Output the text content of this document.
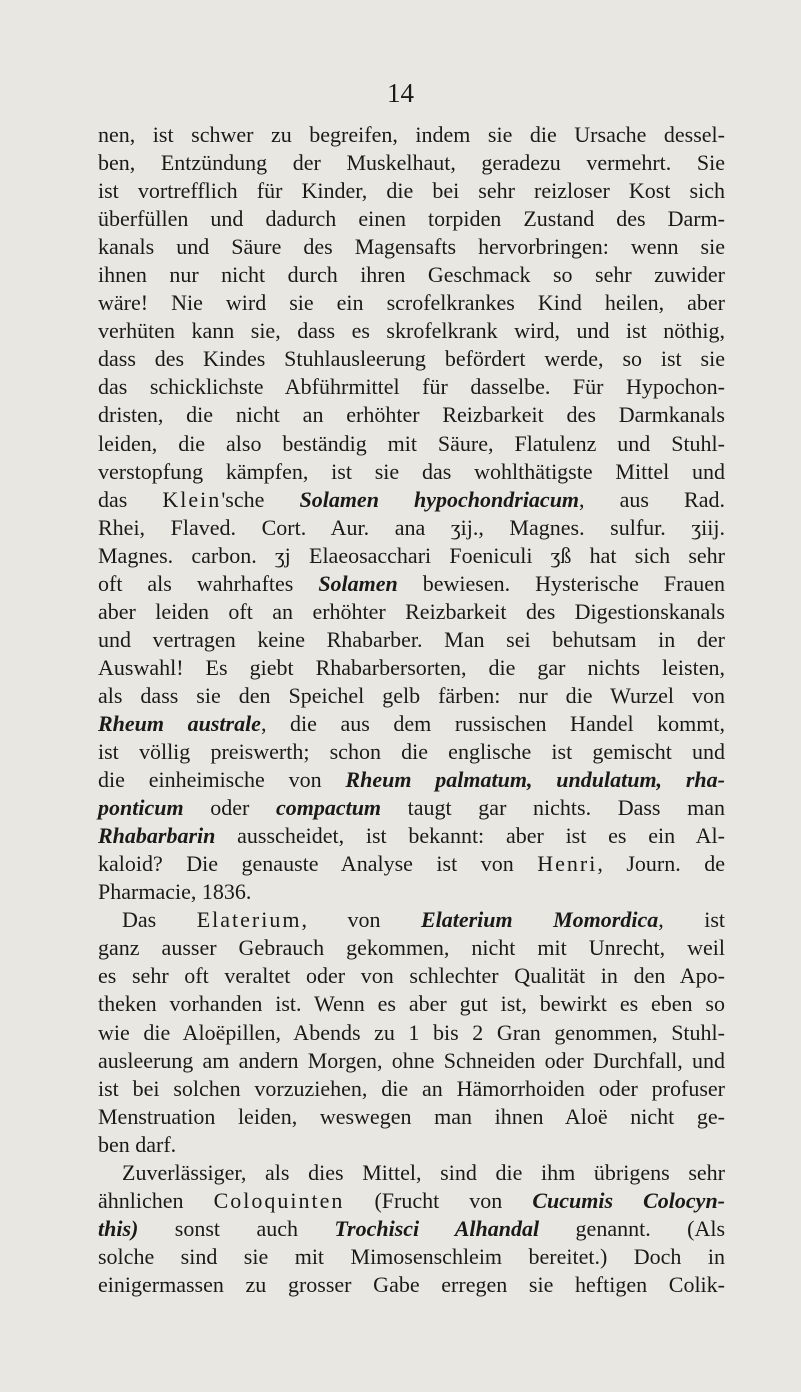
14
nen, ist schwer zu begreifen, indem sie die Ursache dessel-
ben, Entzündung der Muskelhaut, geradezu vermehrt. Sie
ist vortrefflich für Kinder, die bei sehr reizloser Kost sich
überfüllen und dadurch einen torpiden Zustand des Darm-
kanals und Säure des Magensafts hervorbringen: wenn sie
ihnen nur nicht durch ihren Geschmack so sehr zuwider
wäre! Nie wird sie ein scrofelkrankes Kind heilen, aber
verhüten kann sie, dass es skrofelkrank wird, und ist nöthig,
dass des Kindes Stuhlausleerung befördert werde, so ist sie
das schicklichste Abführmittel für dasselbe. Für Hypochon-
dristen, die nicht an erhöhter Reizbarkeit des Darmkanals
leiden, die also beständig mit Säure, Flatulenz und Stuhl-
verstopfung kämpfen, ist sie das wohlthätigste Mittel und
das Klein'sche Solamen hypochondriacum, aus Rad.
Rhei, Flaved. Cort. Aur. ana ʒij., Magnes. sulfur. ʒiij.
Magnes. carbon. ʒj Elaeosacchari Foeniculi ʒß hat sich sehr
oft als wahrhaftes Solamen bewiesen. Hysterische Frauen
aber leiden oft an erhöhter Reizbarkeit des Digestionskanals
und vertragen keine Rhabarber. Man sei behutsam in der
Auswahl! Es giebt Rhabarbersorten, die gar nichts leisten,
als dass sie den Speichel gelb färben: nur die Wurzel von
Rheum australe, die aus dem russischen Handel kommt,
ist völlig preiswerth; schon die englische ist gemischt und
die einheimische von Rheum palmatum, undulatum, rha-
ponticum oder compactum taugt gar nichts. Dass man
Rhabarbarin ausscheidet, ist bekannt: aber ist es ein Al-
kaloid? Die genauste Analyse ist von Henri, Journ. de
Pharmacie, 1836.
Das Elaterium, von Elaterium Momordica, ist
ganz ausser Gebrauch gekommen, nicht mit Unrecht, weil
es sehr oft veraltet oder von schlechter Qualität in den Apo-
theken vorhanden ist. Wenn es aber gut ist, bewirkt es eben so
wie die Aloëpillen, Abends zu 1 bis 2 Gran genommen, Stuhl-
ausleerung am andern Morgen, ohne Schneiden oder Durchfall, und
ist bei solchen vorzuziehen, die an Hämorrhoiden oder profuser
Menstruation leiden, weswegen man ihnen Aloë nicht ge-
ben darf.
Zuverlässiger, als dies Mittel, sind die ihm übrigens sehr
ähnlichen Coloquinten (Frucht von Cucumis Colocyn-
this) sonst auch Trochisci Alhandal genannt. (Als
solche sind sie mit Mimosenschleim bereitet.) Doch in
einigermassen zu grosser Gabe erregen sie heftigen Colik-
